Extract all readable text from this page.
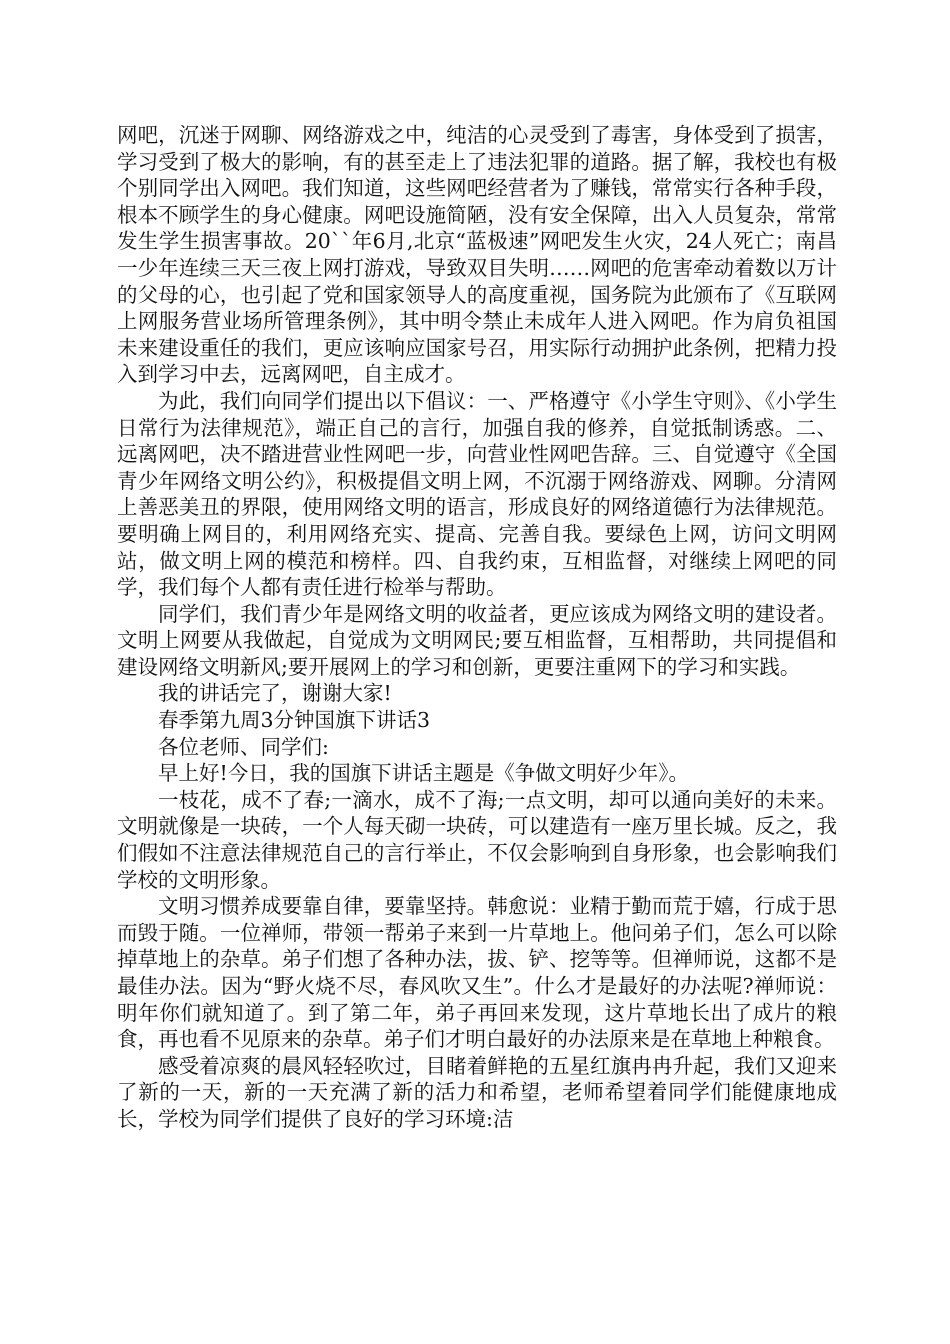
网吧，沉迷于网聊、网络游戏之中，纯洁的心灵受到了毒害，身体受到了损害，学习受到了极大的影响，有的甚至走上了违法犯罪的道路。据了解，我校也有极个别同学出入网吧。我们知道，这些网吧经营者为了赚钱，常常实行各种手段，根本不顾学生的身心健康。网吧设施简陋，没有安全保障，出入人员复杂，常常发生学生损害事故。20``年6月,北京“蓝极速”网吧发生火灾，24人死亡；南昌一少年连续三天三夜上网打游戏，导致双目失明……网吧的危害牵动着数以万计的父母的心，也引起了党和国家领导人的高度重视，国务院为此颁布了《互联网上网服务营业场所管理条例》，其中明令禁止未成年人进入网吧。作为肩负祖国未来建设重任的我们，更应该响应国家号召，用实际行动拥护此条例，把精力投入到学习中去，远离网吧，自主成才。

为此，我们向同学们提出以下倡议：一、严格遵守《小学生守则》、《小学生日常行为法律规范》，端正自己的言行，加强自我的修养，自觉抵制诱惑。二、远离网吧，决不踏进营业性网吧一步，向营业性网吧告辞。三、自觉遵守《全国青少年网络文明公约》，积极提倡文明上网，不沉溺于网络游戏、网聊。分清网上善恶美丑的界限，使用网络文明的语言，形成良好的网络道德行为法律规范。要明确上网目的，利用网络充实、提高、完善自我。要绿色上网，访问文明网站，做文明上网的模范和榜样。四、自我约束，互相监督，对继续上网吧的同学，我们每个人都有责任进行检举与帮助。

同学们，我们青少年是网络文明的收益者，更应该成为网络文明的建设者。文明上网要从我做起，自觉成为文明网民;要互相监督，互相帮助，共同提倡和建设网络文明新风;要开展网上的学习和创新，更要注重网下的学习和实践。

我的讲话完了，谢谢大家!

春季第九周3分钟国旗下讲话3

各位老师、同学们:

早上好!今日，我的国旗下讲话主题是《争做文明好少年》。

一枝花，成不了春;一滴水，成不了海;一点文明，却可以通向美好的未来。文明就像是一块砖，一个人每天砌一块砖，可以建造有一座万里长城。反之，我们假如不注意法律规范自己的言行举止，不仅会影响到自身形象，也会影响我们学校的文明形象。

文明习惯养成要靠自律，要靠坚持。韩愈说：业精于勤而荒于嬉，行成于思而毁于随。一位禅师，带领一帮弟子来到一片草地上。他问弟子们，怎么可以除掉草地上的杂草。弟子们想了各种办法，拔、铲、挖等等。但禅师说，这都不是最佳办法。因为“野火烧不尽，春风吹又生”。什么才是最好的办法呢?禅师说：明年你们就知道了。到了第二年，弟子再回来发现，这片草地长出了成片的粮食，再也看不见原来的杂草。弟子们才明白最好的办法原来是在草地上种粮食。

感受着凉爽的晨风轻轻吹过，目睹着鲜艳的五星红旗冉冉升起，我们又迎来了新的一天，新的一天充满了新的活力和希望，老师希望着同学们能健康地成长，学校为同学们提供了良好的学习环境:洁
